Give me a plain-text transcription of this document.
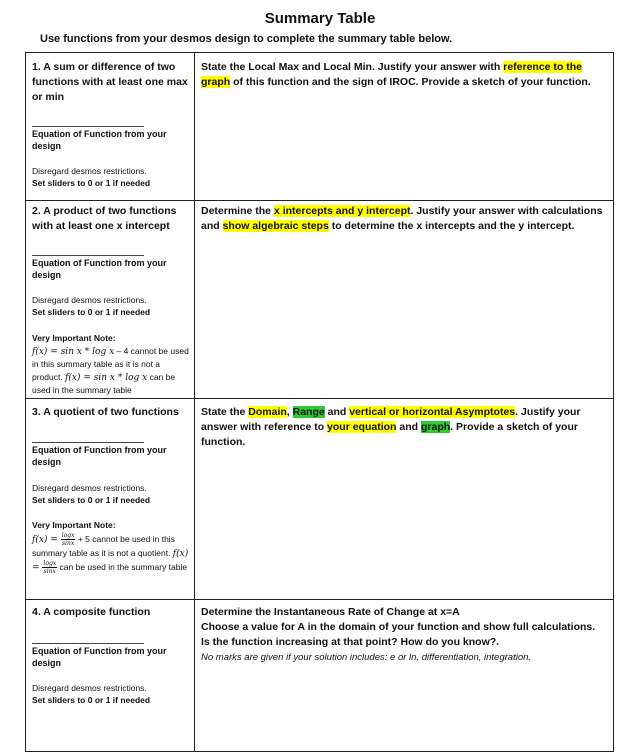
Summary Table
Use functions from your desmos design to complete the summary table below.
1. A sum or difference of two functions with at least one max or min
Equation of Function from your design
Disregard desmos restrictions.
Set sliders to 0 or 1 if needed
State the Local Max and Local Min. Justify your answer with reference to the graph of this function and the sign of IROC. Provide a sketch of your function.
2. A product of two functions with at least one x intercept
Equation of Function from your design
Disregard desmos restrictions.
Set sliders to 0 or 1 if needed
Very Important Note:
f(x) = sin x * log x – 4 cannot be used in this summary table as it is not a product. f(x) = sin x * log x can be used in the summary table
Determine the x intercepts and y intercept. Justify your answer with calculations and show algebraic steps to determine the x intercepts and the y intercept.
3. A quotient of two functions
Equation of Function from your design
Disregard desmos restrictions.
Set sliders to 0 or 1 if needed
Very Important Note:
$f(x) = \frac{\log x}{\sin x} + 5$ cannot be used in this summary table as it is not a quotient. $f(x) = \frac{\log x}{\sin x}$ can be used in the summary table
State the Domain, Range and vertical or horizontal Asymptotes. Justify your answer with reference to your equation and graph. Provide a sketch of your function.
4. A composite function
Equation of Function from your design
Disregard desmos restrictions.
Set sliders to 0 or 1 if needed
Determine the Instantaneous Rate of Change at x=A
Choose a value for A in the domain of your function and show full calculations. Is the function increasing at that point? How do you know?.
No marks are given if your solution includes: e or ln, differentiation, integration.
